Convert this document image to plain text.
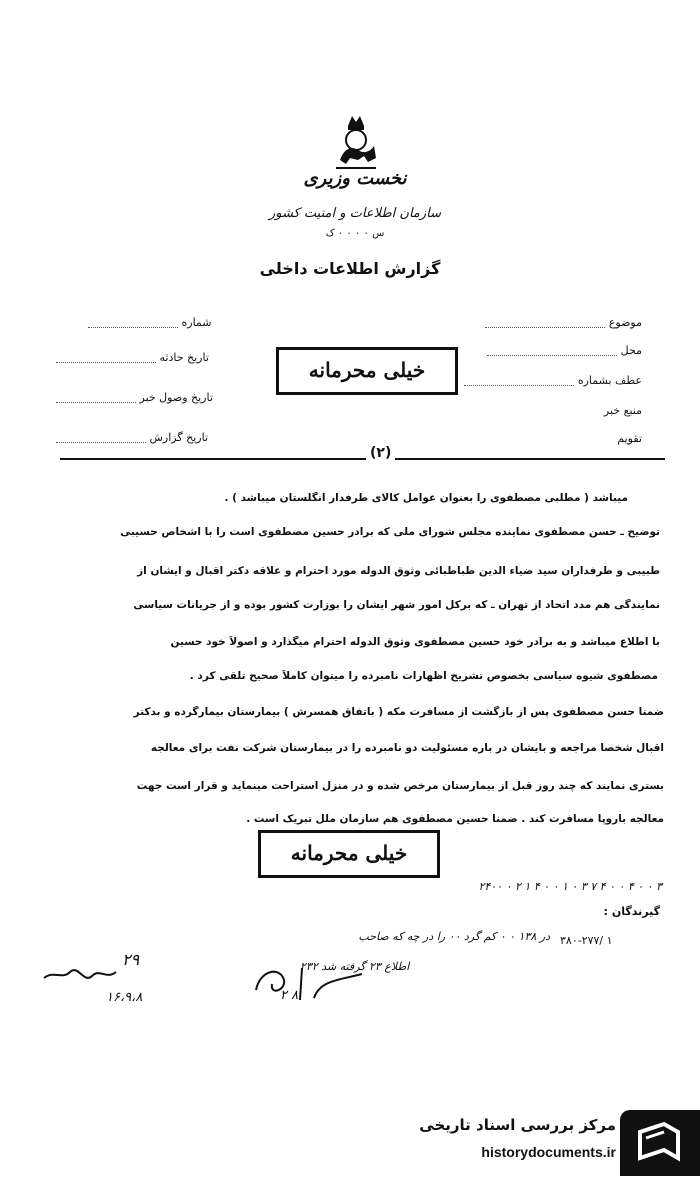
نخست وزیری
سازمان اطلاعات و امنیت کشور
س ۰ ۰ ۰ ۰ ک
گزارش اطلاعات داخلی
موضوع
محل
عطف بشماره
منبع خبر
تقویم
شماره
تاریخ حادثه
تاریخ وصول خبر
تاریخ گزارش
خیلی محرمانه
(۲)
میباشد ( مطلبی مصطفوی را بعنوان عوامل کالای طرفدار انگلستان میباشد ) .
توضیح ـ حسن مصطفوی نماینده مجلس شورای ملی که برادر حسین مصطفوی است را با اشخاص حسیبی
طبیبی و طرفداران سید ضیاء الدین طباطبائی وثوق الدوله مورد احترام و علاقه دکتر اقبال و ایشان از
نمایندگی هم مدد اتحاد از تهران ـ که برکل امور شهر ایشان را بوزارت کشور بوده و از جریانات سیاسی
با اطلاع میباشد و به برادر خود حسین مصطفوی وثوق الدوله احترام میگذارد و اصولاً خود حسین
مصطفوی شیوه سیاسی بخصوص تشریح اظهارات نامبرده را میتوان کاملاً صحیح تلقی کرد .
ضمناً حسن مصطفوی پس از بازگشت از مسافرت مکه ( باتفاق همسرش ) بیمارستان بیمارگرده و بدکتر
اقبال شخصاً مراجعه و بایشان در باره مسئولیت دو نامبرده را در بیمارستان شرکت نفت برای معالجه
بستری نمایند که چند روز قبل از بیمارستان مرخص شده و در منزل استراحت مینماید و قرار است جهت
معالجه باروپا مسافرت کند . ضمناً حسین مصطفوی هم سازمان ملل تبریک است .
خیلی محرمانه
۲۴۰۰ ۰ ۲ ۱ ۴ ۰ ۰ ۱ ۰ ۳ ۷ ۴ ۰ ۰ ۴ ۰ ۰ ۳
گیرندگان :
در ۱۳۸ ۰ ۰ کم گرد ۰۰ را در چه که صاحب ۳۸۰-۲۷۷/ ۱
۲۹	اطلاع ۲۳ گرفته شد ۲۳۲
۱۶،۹،۸	۲ ۸
مرکز بررسی اسناد تاریخی
historydocuments.ir
